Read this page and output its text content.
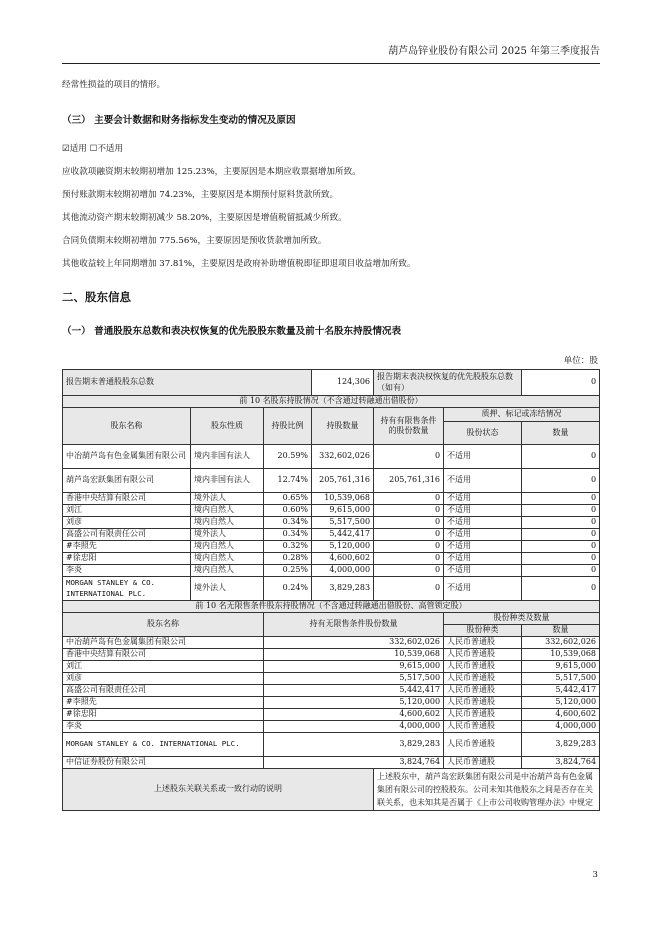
葫芦岛锌业股份有限公司 2025 年第三季度报告
经常性损益的项目的情形。
（三） 主要会计数据和财务指标发生变动的情况及原因
☑适用 ☐不适用
应收款项融资期末较期初增加 125.23%，主要原因是本期应收票据增加所致。
预付账款期末较期初增加 74.23%，主要原因是本期预付原料货款所致。
其他流动资产期末较期初减少 58.20%，主要原因是增值税留抵减少所致。
合同负债期末较期初增加 775.56%，主要原因是预收货款增加所致。
其他收益较上年同期增加 37.81%，主要原因是政府补助增值税即征即退项目收益增加所致。
二、股东信息
（一） 普通股股东总数和表决权恢复的优先股股东数量及前十名股东持股情况表
单位：股
报告期末普通股股东总数			124,306	报告期末表决权恢复的优先股股东总数（如有）		0
前 10 名股东持股情况（不含通过转融通出借股份）						
股东名称	股东性质	持股比例	持股数量	持有有限售条件的股份数量	质押、标记或冻结情况	
					股份状态	数量
中冶葫芦岛有色金属集团有限公司	境内非国有法人	20.59%	332,602,026	0	不适用	0
葫芦岛宏跃集团有限公司	境内非国有法人	12.74%	205,761,316	205,761,316	不适用	0
香港中央结算有限公司	境外法人	0.65%	10,539,068	0	不适用	0
刘江	境内自然人	0.60%	9,615,000	0	不适用	0
刘彦	境内自然人	0.34%	5,517,500	0	不适用	0
高盛公司有限责任公司	境外法人	0.34%	5,442,417	0	不适用	0
#李照先	境内自然人	0.32%	5,120,000	0	不适用	0
#徐忠阳	境内自然人	0.28%	4,600,602	0	不适用	0
李炎	境内自然人	0.25%	4,000,000	0	不适用	0
MORGAN STANLEY & CO. INTERNATIONAL PLC.	境外法人	0.24%	3,829,283	0	不适用	0
前 10 名无限售条件股东持股情况（不含通过转融通出借股份、高管锁定股）						
股东名称		持有无限售条件股份数量			股份种类及数量	
					股份种类	数量
中冶葫芦岛有色金属集团有限公司		332,602,026			人民币普通股	332,602,026
香港中央结算有限公司		10,539,068			人民币普通股	10,539,068
刘江		9,615,000			人民币普通股	9,615,000
刘彦		5,517,500			人民币普通股	5,517,500
高盛公司有限责任公司		5,442,417			人民币普通股	5,442,417
#李照先		5,120,000			人民币普通股	5,120,000
#徐忠阳		4,600,602			人民币普通股	4,600,602
李炎		4,000,000			人民币普通股	4,000,000
MORGAN STANLEY & CO. INTERNATIONAL PLC.		3,829,283			人民币普通股	3,829,283
中信证券股份有限公司		3,824,764			人民币普通股	3,824,764
上述股东关联关系或一致行动的说明				上述股东中，葫芦岛宏跃集团有限公司是中冶葫芦岛有色金属集团有限公司的控股股东。公司未知其他股东之间是否存在关联关系，也未知其是否属于《上市公司收购管理办法》中规定		
3
